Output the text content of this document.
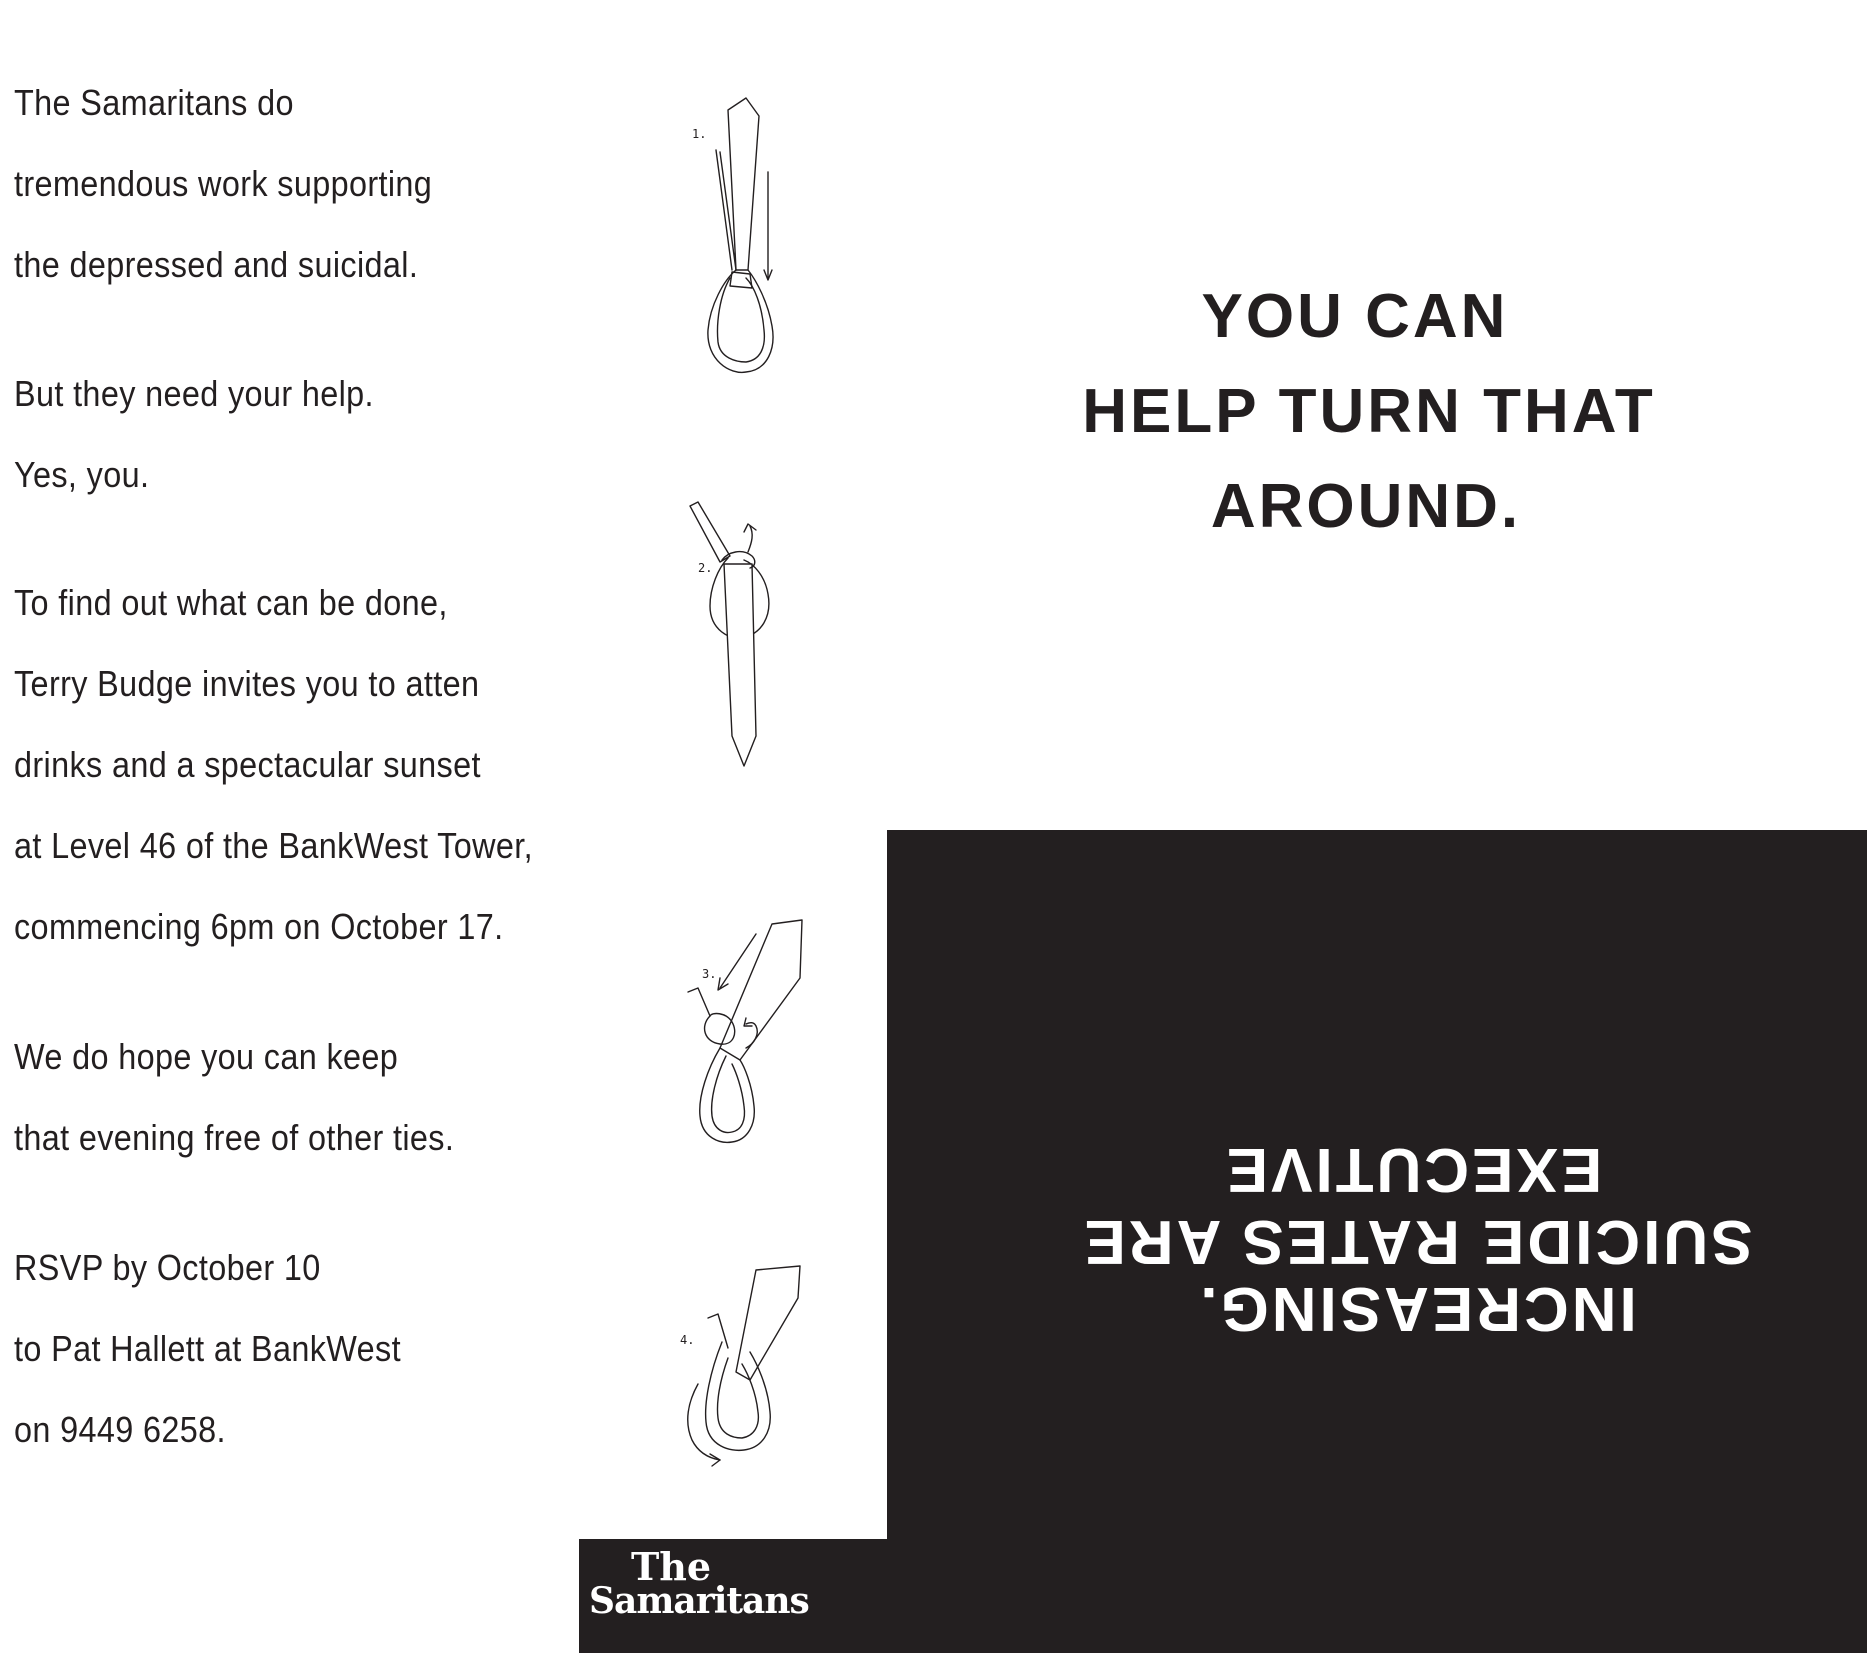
The Samaritans do

tremendous work supporting

the depressed and suicidal.

But they need your help.

Yes, you.

To find out what can be done,

Terry Budge invites you to atten

drinks and a spectacular sunset

at Level 46 of the BankWest Tower,

commencing 6pm on October 17.

We do hope you can keep

that evening free of other ties.

RSVP by October 10

to Pat Hallett at BankWest

on 9449 6258.

1.
2.
3.
4.
YOU CAN
HELP TURN THAT
AROUND.
EXECUTIVE
SUICIDE RATES ARE
INCREASING.
The
Samaritans
